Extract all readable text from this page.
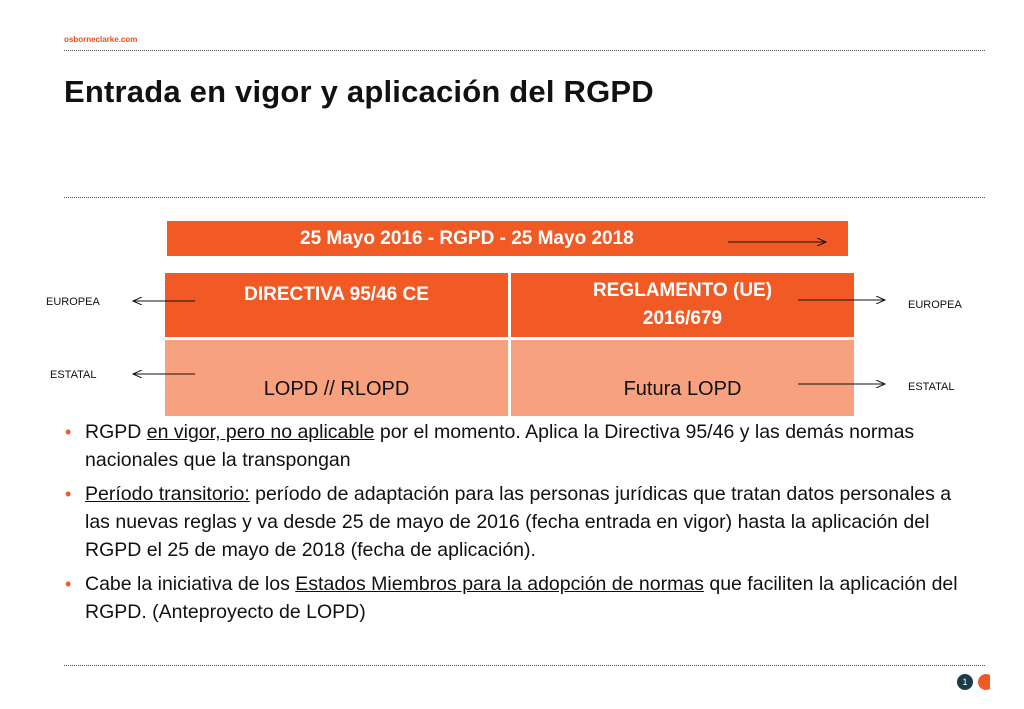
osborneclarke.com
Entrada en vigor y aplicación del RGPD
25 Mayo 2016 - RGPD - 25 Mayo 2018
DIRECTIVA 95/46 CE	REGLAMENTO (UE)
2016/679
LOPD // RLOPD	Futura LOPD
EUROPEA
ESTATAL
EUROPEA
ESTATAL
• RGPD en vigor, pero no aplicable por el momento. Aplica la Directiva 95/46 y las demás normas nacionales que la transpongan
• Período transitorio: período de adaptación para las personas jurídicas que tratan datos personales a las nuevas reglas y va desde 25 de mayo de 2016 (fecha entrada en vigor) hasta la aplicación del RGPD el 25 de mayo de 2018 (fecha de aplicación).
• Cabe la iniciativa de los Estados Miembros para la adopción de normas que faciliten la aplicación del RGPD. (Anteproyecto de LOPD)
1
